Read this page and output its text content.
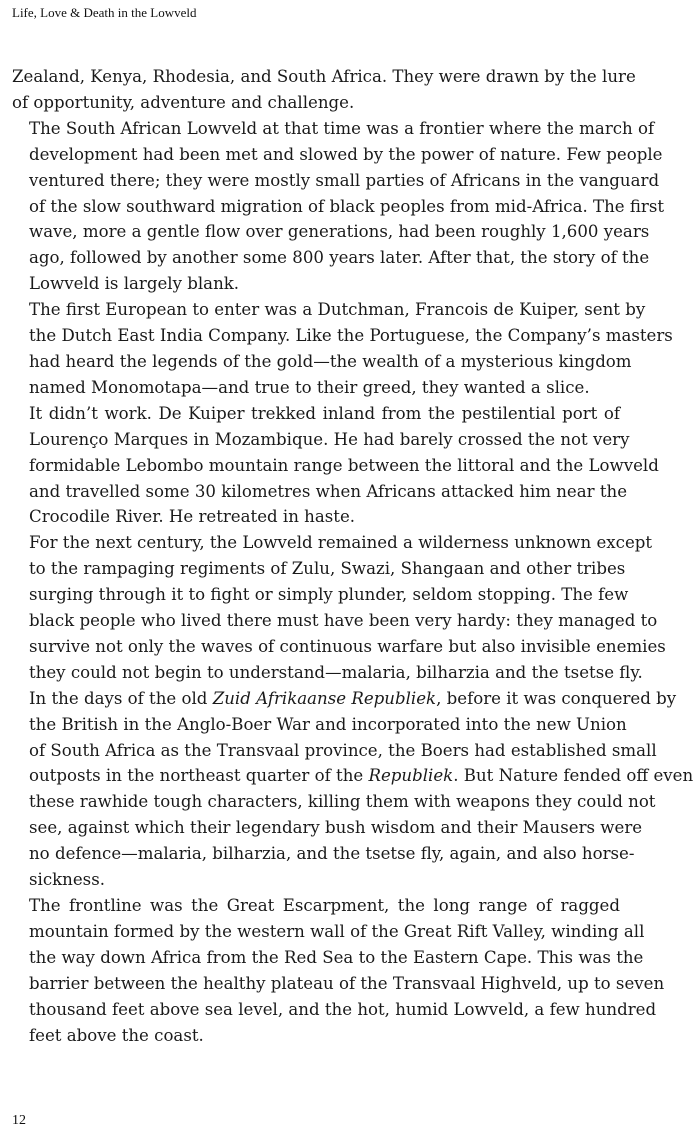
Life, Love & Death in the Lowveld

Zealand, Kenya, Rhodesia, and South Africa. They were drawn by the lure
of opportunity, adventure and challenge.

The South African Lowveld at that time was a frontier where the march of
development had been met and slowed by the power of nature. Few people
ventured there; they were mostly small parties of Africans in the vanguard
of the slow southward migration of black peoples from mid-Africa. The first
wave, more a gentle flow over generations, had been roughly 1,600 years
ago, followed by another some 800 years later. After that, the story of the
Lowveld is largely blank.

The first European to enter was a Dutchman, Francois de Kuiper, sent by
the Dutch East India Company. Like the Portuguese, the Company’s masters
had heard the legends of the gold—the wealth of a mysterious kingdom
named Monomotapa—and true to their greed, they wanted a slice.

It didn’t work. De Kuiper trekked inland from the pestilential port of
Lourenço Marques in Mozambique. He had barely crossed the not very
formidable Lebombo mountain range between the littoral and the Lowveld
and travelled some 30 kilometres when Africans attacked him near the
Crocodile River. He retreated in haste.

For the next century, the Lowveld remained a wilderness unknown except
to the rampaging regiments of Zulu, Swazi, Shangaan and other tribes
surging through it to fight or simply plunder, seldom stopping. The few
black people who lived there must have been very hardy: they managed to
survive not only the waves of continuous warfare but also invisible enemies
they could not begin to understand—malaria, bilharzia and the tsetse fly.

In the days of the old Zuid Afrikaanse Republiek, before it was conquered by
the British in the Anglo-Boer War and incorporated into the new Union
of South Africa as the Transvaal province, the Boers had established small
outposts in the northeast quarter of the Republiek. But Nature fended off even
these rawhide tough characters, killing them with weapons they could not
see, against which their legendary bush wisdom and their Mausers were
no defence—malaria, bilharzia, and the tsetse fly, again, and also horse-
sickness.

The frontline was the Great Escarpment, the long range of ragged
mountain formed by the western wall of the Great Rift Valley, winding all
the way down Africa from the Red Sea to the Eastern Cape. This was the
barrier between the healthy plateau of the Transvaal Highveld, up to seven
thousand feet above sea level, and the hot, humid Lowveld, a few hundred
feet above the coast.

12
